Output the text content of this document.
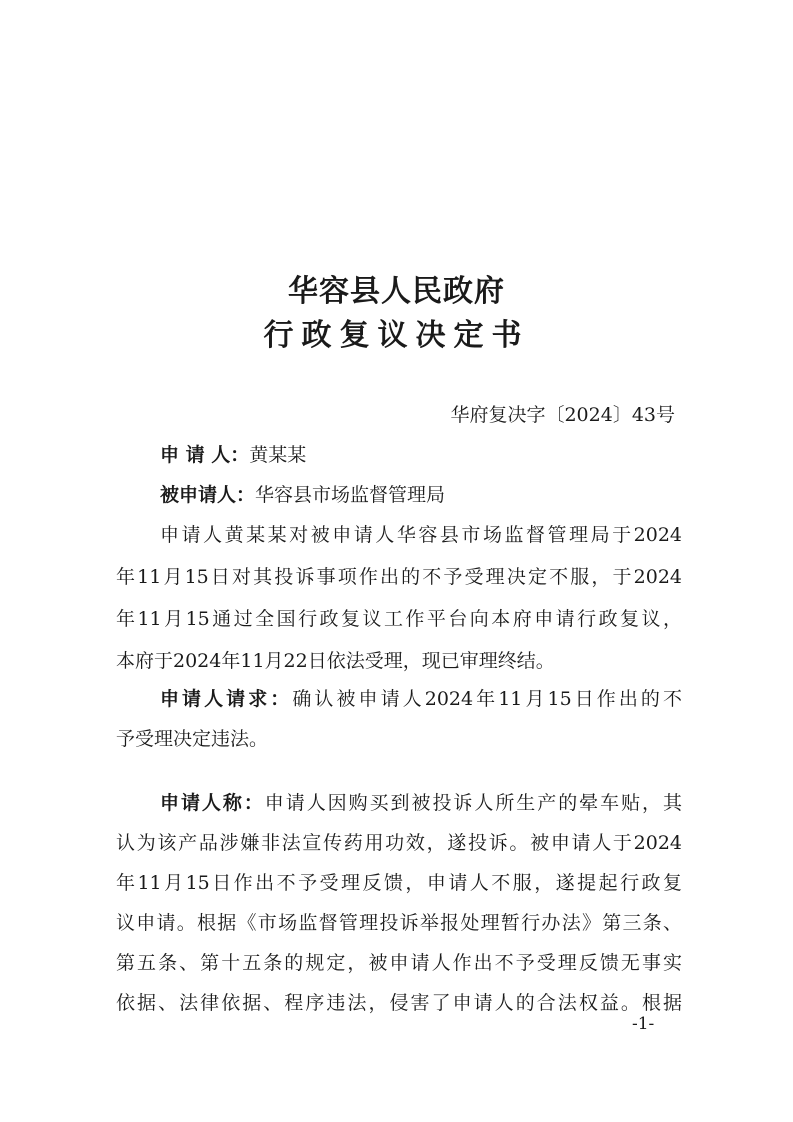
华容县人民政府
行政复议决定书
华府复决字〔2024〕43号
申 请 人：黄某某
被申请人：华容县市场监督管理局
申请人黄某某对被申请人华容县市场监督管理局于2024
年11月15日对其投诉事项作出的不予受理决定不服，于2024
年11月15通过全国行政复议工作平台向本府申请行政复议，
本府于2024年11月22日依法受理，现已审理终结。
申请人请求：确认被申请人2024年11月15日作出的不
予受理决定违法。
申请人称：申请人因购买到被投诉人所生产的晕车贴，其
认为该产品涉嫌非法宣传药用功效，遂投诉。被申请人于2024
年11月15日作出不予受理反馈，申请人不服，遂提起行政复
议申请。根据《市场监督管理投诉举报处理暂行办法》第三条、
第五条、第十五条的规定，被申请人作出不予受理反馈无事实
依据、法律依据、程序违法，侵害了申请人的合法权益。根据
-1-
